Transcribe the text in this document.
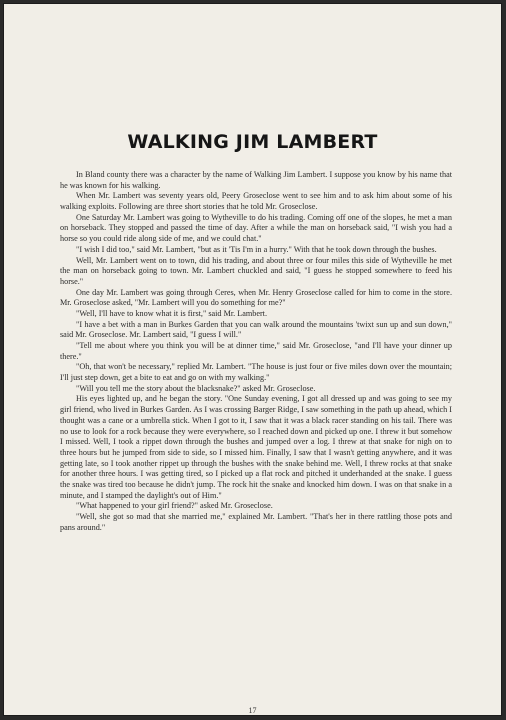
WALKING JIM LAMBERT

In Bland county there was a character by the name of Walking Jim Lambert. I suppose you know by his name that he was known for his walking.

When Mr. Lambert was seventy years old, Peery Groseclose went to see him and to ask him about some of his walking exploits. Following are three short stories that he told Mr. Groseclose.

One Saturday Mr. Lambert was going to Wytheville to do his trading. Coming off one of the slopes, he met a man on horseback. They stopped and passed the time of day. After a while the man on horseback said, "I wish you had a horse so you could ride along side of me, and we could chat."

"I wish I did too," said Mr. Lambert, "but as it 'Tis I'm in a hurry." With that he took down through the bushes.

Well, Mr. Lambert went on to town, did his trading, and about three or four miles this side of Wytheville he met the man on horseback going to town. Mr. Lambert chuckled and said, "I guess he stopped somewhere to feed his horse."

One day Mr. Lambert was going through Ceres, when Mr. Henry Groseclose called for him to come in the store. Mr. Groseclose asked, "Mr. Lambert will you do something for me?"

"Well, I'll have to know what it is first," said Mr. Lambert.

"I have a bet with a man in Burkes Garden that you can walk around the mountains 'twixt sun up and sun down," said Mr. Groseclose. Mr. Lambert said, "I guess I will."

"Tell me about where you think you will be at dinner time," said Mr. Groseclose, "and I'll have your dinner up there."

"Oh, that won't be necessary," replied Mr. Lambert. "The house is just four or five miles down over the mountain; I'll just step down, get a bite to eat and go on with my walking."

"Will you tell me the story about the blacksnake?" asked Mr. Groseclose.

His eyes lighted up, and he began the story. "One Sunday evening, I got all dressed up and was going to see my girl friend, who lived in Burkes Garden. As I was crossing Barger Ridge, I saw something in the path up ahead, which I thought was a cane or a umbrella stick. When I got to it, I saw that it was a black racer standing on his tail. There was no use to look for a rock because they were everywhere, so I reached down and picked up one. I threw it but somehow I missed. Well, I took a rippet down through the bushes and jumped over a log. I threw at that snake for nigh on to three hours but he jumped from side to side, so I missed him. Finally, I saw that I wasn't getting anywhere, and it was getting late, so I took another rippet up through the bushes with the snake behind me. Well, I threw rocks at that snake for another three hours. I was getting tired, so I picked up a flat rock and pitched it underhanded at the snake. I guess the snake was tired too because he didn't jump. The rock hit the snake and knocked him down. I was on that snake in a minute, and I stamped the daylight's out of Him."

"What happened to your girl friend?" asked Mr. Groseclose.

"Well, she got so mad that she married me," explained Mr. Lambert. "That's her in there rattling those pots and pans around."

17
